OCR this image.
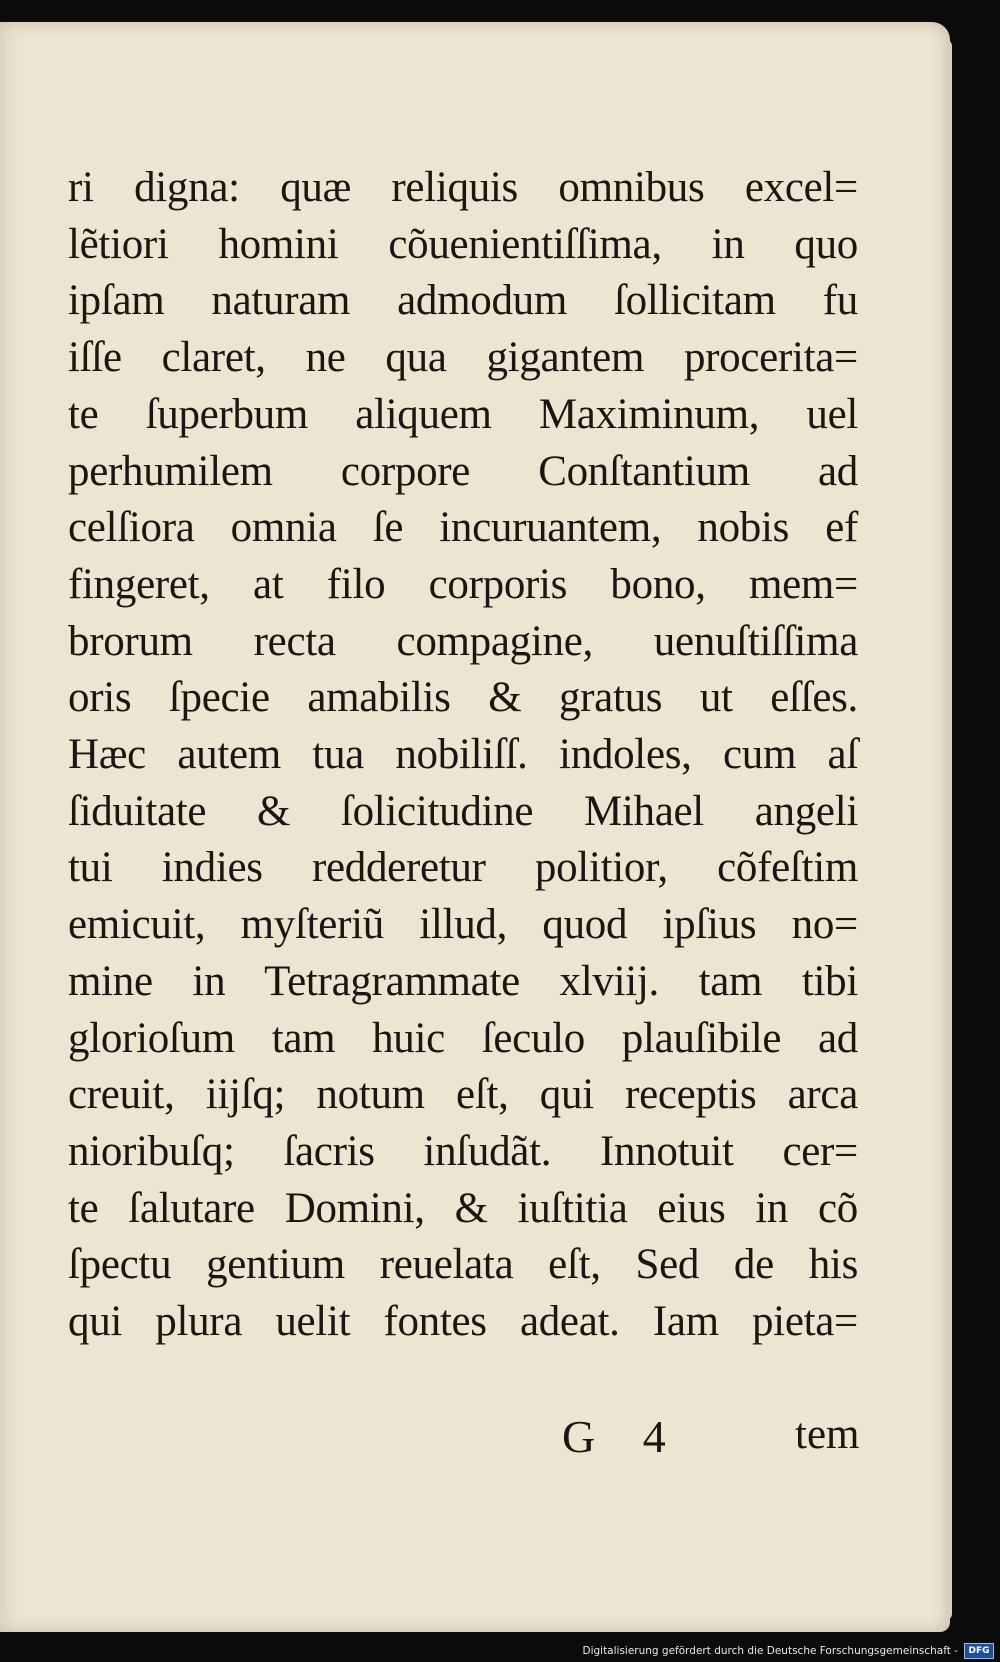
ri digna: quæ reliquis omnibus excel=
lẽtiori homini cõuenientiſſima, in quo
ipſam naturam admodum ſollicitam fu
iſſe claret, ne qua gigantem procerita=
te ſuperbum aliquem Maximinum, uel
perhumilem corpore Conſtantium ad
celſiora omnia ſe incuruantem, nobis ef
fingeret, at filo corporis bono, mem=
brorum recta compagine, uenuſtiſſima
oris ſpecie amabilis & gratus ut eſſes.
Hæc autem tua nobiliſſ. indoles, cum aſ
ſiduitate & ſolicitudine Mihael angeli
tui indies redderetur politior, cõfeſtim
emicuit, myſteriũ illud, quod ipſius no=
mine in Tetragrammate xlviij. tam tibi
glorioſum tam huic ſeculo plauſibile ad
creuit, iijſq; notum eſt, qui receptis arca
nioribuſq; ſacris inſudãt. Innotuit cer=
te ſalutare Domini, & iuſtitia eius in cõ
ſpectu gentium reuelata eſt, Sed de his
qui plura uelit fontes adeat. Iam pieta=
G 4	tem
Digitalisierung gefördert durch die Deutsche Forschungsgemeinschaft - DFG
